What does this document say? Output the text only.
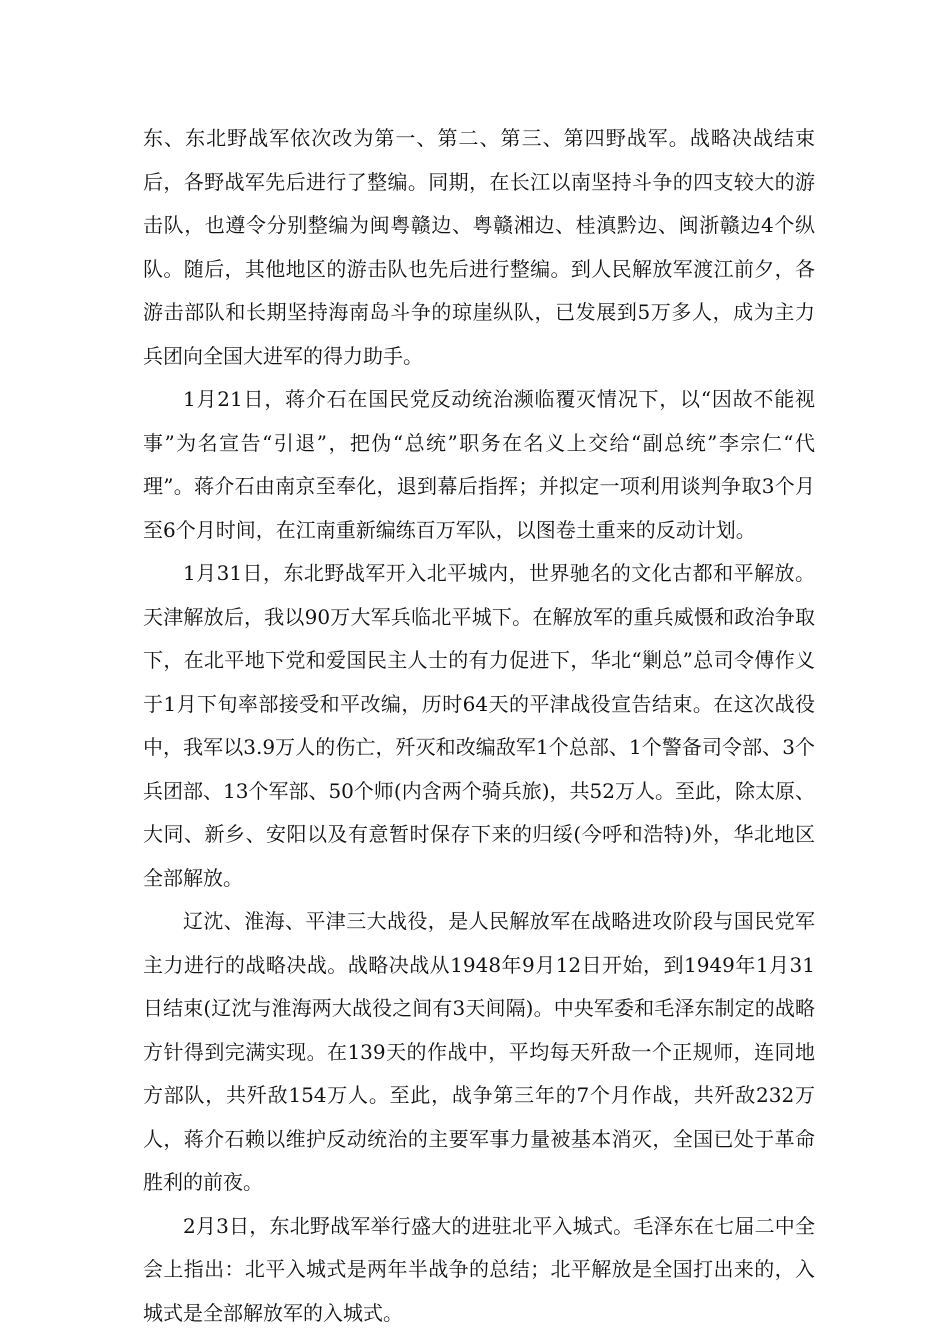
东、东北野战军依次改为第一、第二、第三、第四野战军。战略决战结束后，各野战军先后进行了整编。同期，在长江以南坚持斗争的四支较大的游击队，也遵令分别整编为闽粤赣边、粤赣湘边、桂滇黔边、闽浙赣边4个纵队。随后，其他地区的游击队也先后进行整编。到人民解放军渡江前夕，各游击部队和长期坚持海南岛斗争的琼崖纵队，已发展到5万多人，成为主力兵团向全国大进军的得力助手。

1月21日，蒋介石在国民党反动统治濒临覆灭情况下，以“因故不能视事”为名宣告“引退”，把伪“总统”职务在名义上交给“副总统”李宗仁“代理”。蒋介石由南京至奉化，退到幕后指挥；并拟定一项利用谈判争取3个月至6个月时间，在江南重新编练百万军队，以图卷土重来的反动计划。

1月31日，东北野战军开入北平城内，世界驰名的文化古都和平解放。天津解放后，我以90万大军兵临北平城下。在解放军的重兵威慑和政治争取下，在北平地下党和爱国民主人士的有力促进下，华北“剿总”总司令傅作义于1月下旬率部接受和平改编，历时64天的平津战役宣告结束。在这次战役中，我军以3.9万人的伤亡，歼灭和改编敌军1个总部、1个警备司令部、3个兵团部、13个军部、50个师(内含两个骑兵旅)，共52万人。至此，除太原、大同、新乡、安阳以及有意暂时保存下来的归绥(今呼和浩特)外，华北地区全部解放。

辽沈、淮海、平津三大战役，是人民解放军在战略进攻阶段与国民党军主力进行的战略决战。战略决战从1948年9月12日开始，到1949年1月31日结束(辽沈与淮海两大战役之间有3天间隔)。中央军委和毛泽东制定的战略方针得到完满实现。在139天的作战中，平均每天歼敌一个正规师，连同地方部队，共歼敌154万人。至此，战争第三年的7个月作战，共歼敌232万人，蒋介石赖以维护反动统治的主要军事力量被基本消灭，全国已处于革命胜利的前夜。

2月3日，东北野战军举行盛大的进驻北平入城式。毛泽东在七届二中全会上指出：北平入城式是两年半战争的总结；北平解放是全国打出来的，入城式是全部解放军的入城式。
